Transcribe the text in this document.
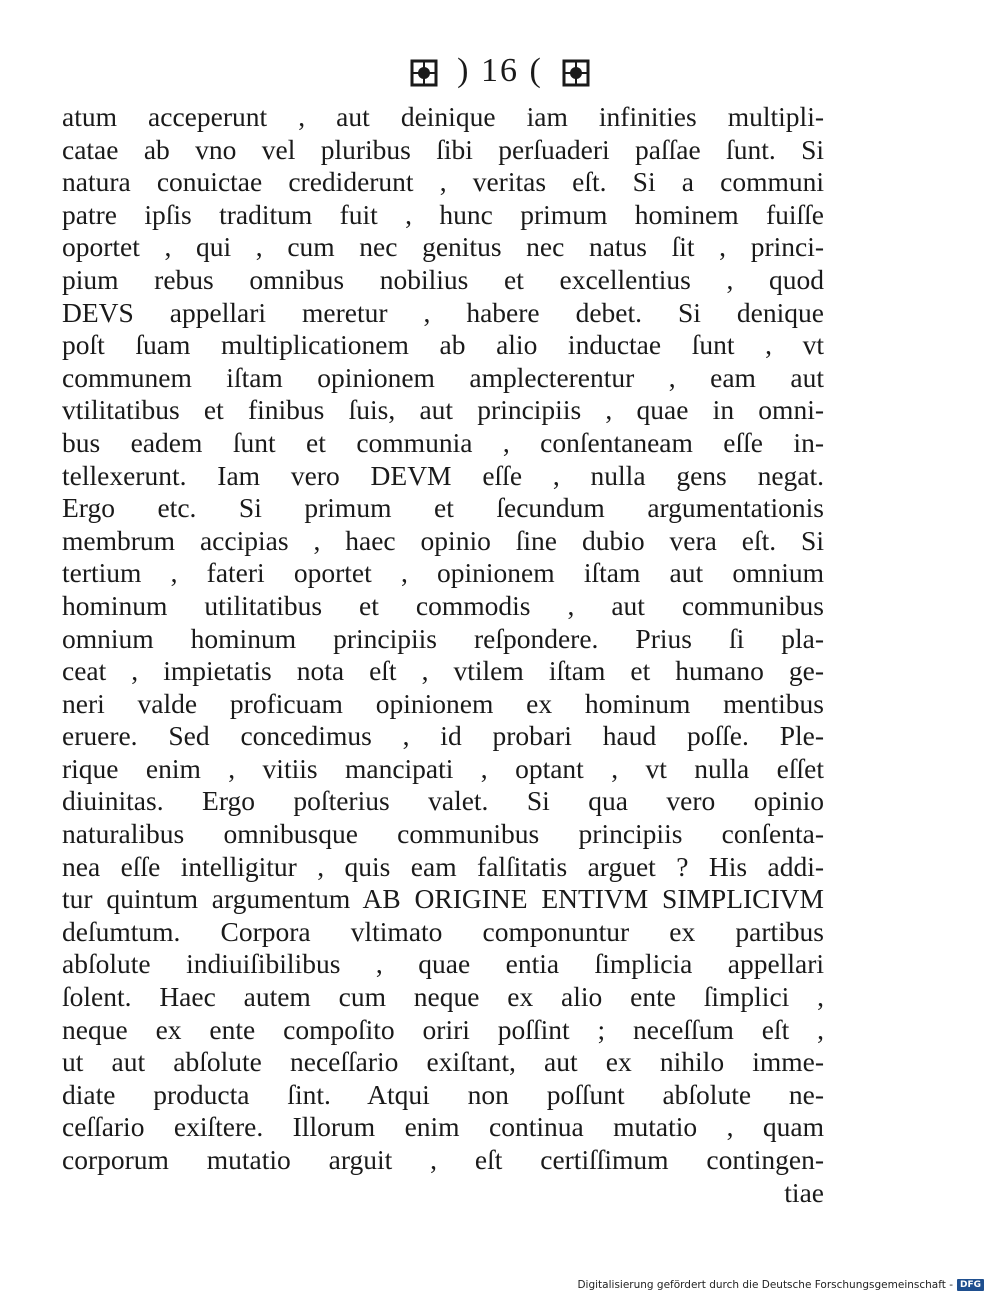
) 16 (
atum acceperunt , aut deinique iam infinities multipli-
catae ab vno vel pluribus ſibi perſuaderi paſſae ſunt. Si
natura conuictae crediderunt , veritas eſt. Si a communi
patre ipſis traditum fuit , hunc primum hominem fuiſſe
oportet , qui , cum nec genitus nec natus ſit , princi-
pium rebus omnibus nobilius et excellentius , quod
DEVS appellari meretur , habere debet. Si denique
poſt ſuam multiplicationem ab alio inductae ſunt , vt
communem iſtam opinionem amplecterentur , eam aut
vtilitatibus et finibus ſuis, aut principiis , quae in omni-
bus eadem ſunt et communia , conſentaneam eſſe in-
tellexerunt. Iam vero DEVM eſſe , nulla gens negat.
Ergo etc. Si primum et ſecundum argumentationis
membrum accipias , haec opinio ſine dubio vera eſt. Si
tertium , fateri oportet , opinionem iſtam aut omnium
hominum utilitatibus et commodis , aut communibus
omnium hominum principiis reſpondere. Prius ſi pla-
ceat , impietatis nota eſt , vtilem iſtam et humano ge-
neri valde proficuam opinionem ex hominum mentibus
eruere. Sed concedimus , id probari haud poſſe. Ple-
rique enim , vitiis mancipati , optant , vt nulla eſſet
diuinitas. Ergo poſterius valet. Si qua vero opinio
naturalibus omnibusque communibus principiis conſenta-
nea eſſe intelligitur , quis eam falſitatis arguet ? His addi-
tur quintum argumentum AB ORIGINE ENTIVM SIMPLICIVM
deſumtum. Corpora vltimato componuntur ex partibus
abſolute indiuiſibilibus , quae entia ſimplicia appellari
ſolent. Haec autem cum neque ex alio ente ſimplici ,
neque ex ente compoſito oriri poſſint ; neceſſum eſt ,
ut aut abſolute neceſſario exiſtant, aut ex nihilo imme-
diate producta ſint. Atqui non poſſunt abſolute ne-
ceſſario exiſtere. Illorum enim continua mutatio , quam
corporum mutatio arguit , eſt certiſſimum contingen-
tiae
Digitalisierung gefördert durch die Deutsche Forschungsgemeinschaft - DFG
